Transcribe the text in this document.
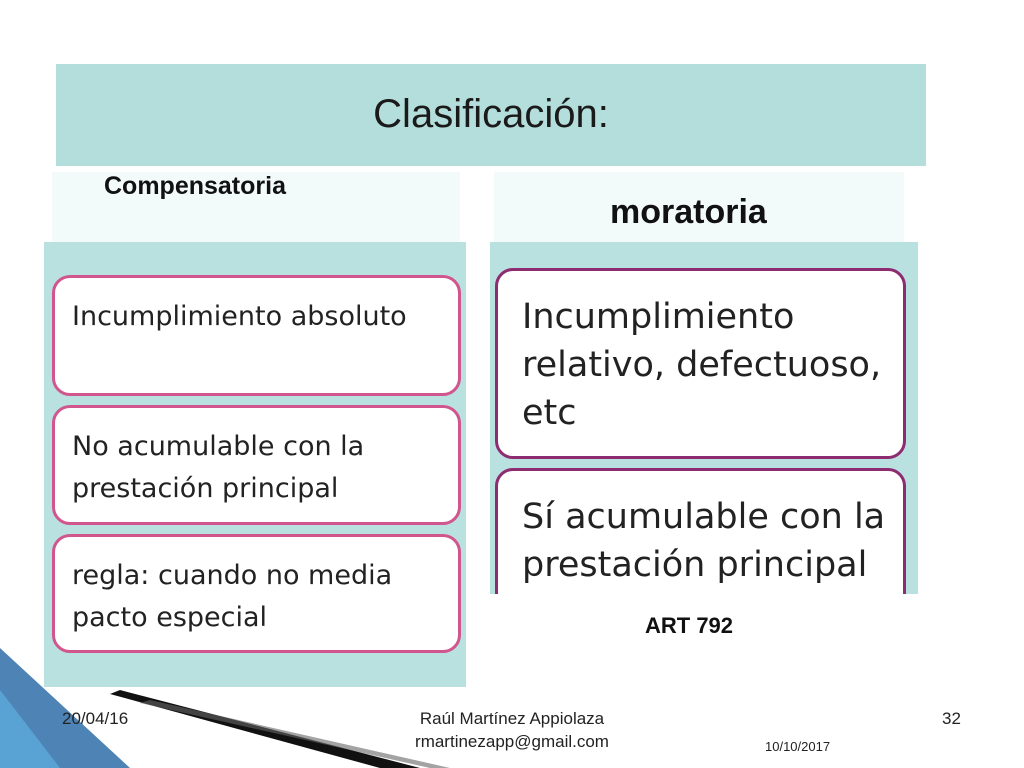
Clasificación:
Compensatoria
Incumplimiento absoluto
No acumulable con la prestación principal
regla: cuando no media pacto especial
moratoria
Incumplimiento relativo, defectuoso, etc
Sí acumulable con la prestación principal
ART 792
20/04/16	Raúl Martínez Appiolaza
rmartinezapp@gmail.com	10/10/2017
32
